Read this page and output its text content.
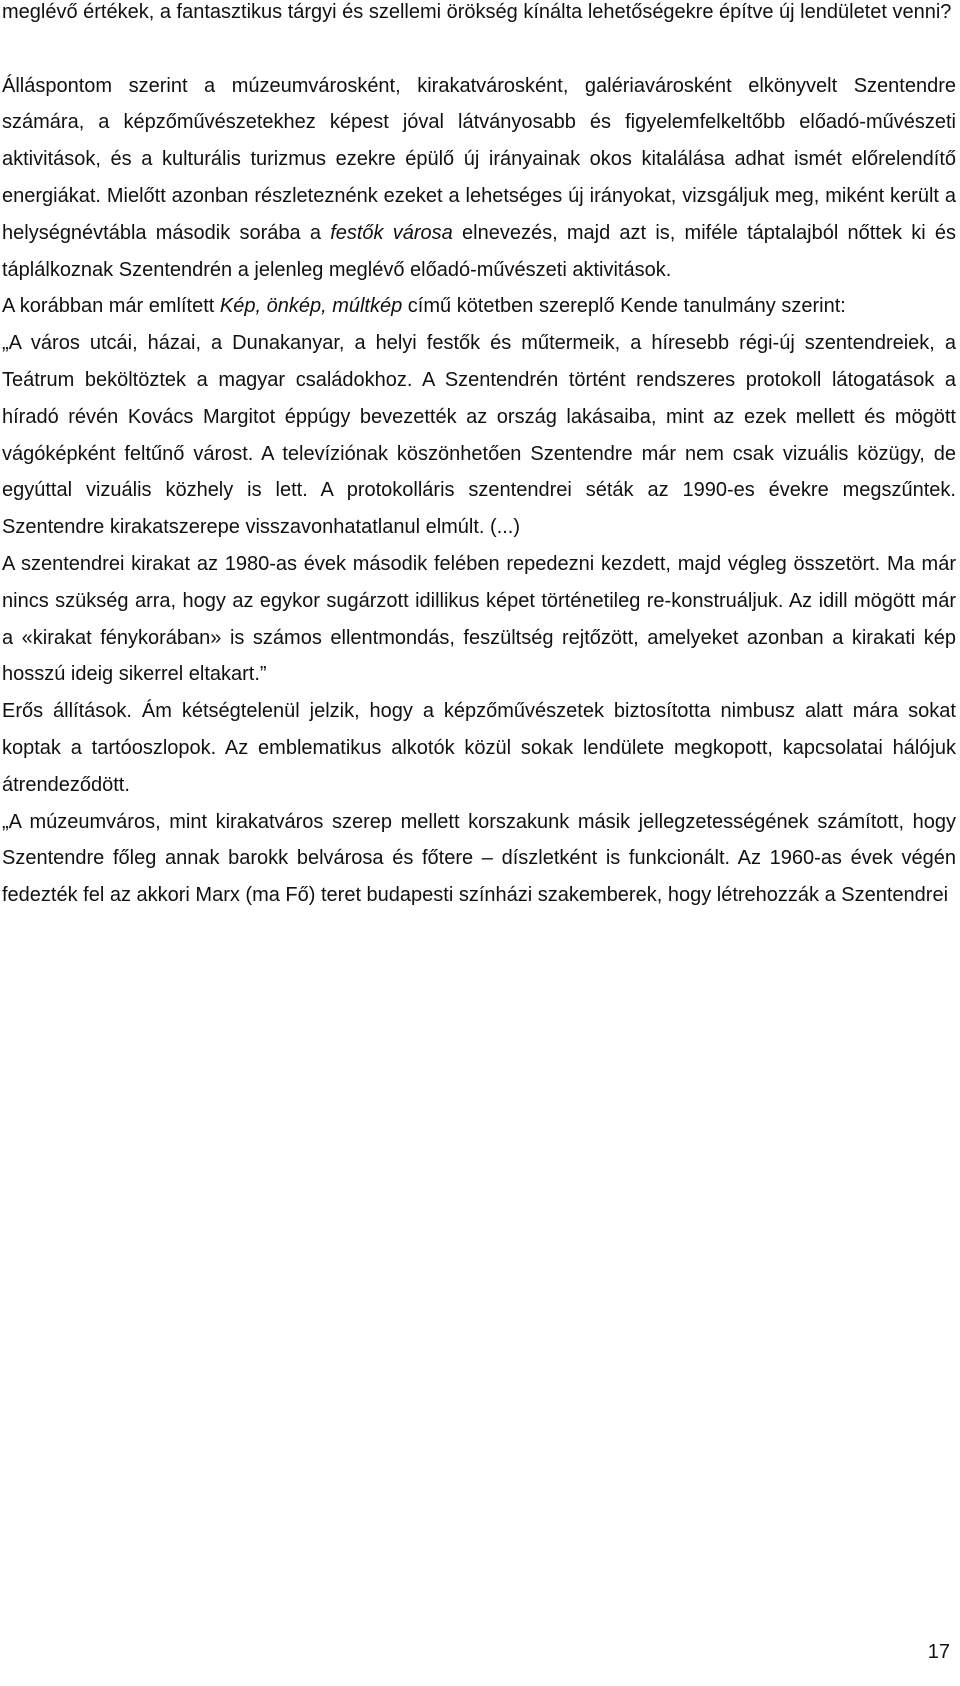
meglévő értékek, a fantasztikus tárgyi és szellemi örökség kínálta lehetőségekre építve új lendületet venni?

Álláspontom szerint a múzeumvárosként, kirakatvárosként, galériavárosként elkönyvelt Szentendre számára, a képzőművészetekhez képest jóval látványosabb és figyelemfelkeltőbb előadó-művészeti aktivitások, és a kulturális turizmus ezekre épülő új irányainak okos kitalálása adhat ismét előrelendítő energiákat. Mielőtt azonban részleteznénk ezeket a lehetséges új irányokat, vizsgáljuk meg, miként került a helységnévtábla második sorába a festők városa elnevezés, majd azt is, miféle táptalajból nőttek ki és táplálkoznak Szentendrén a jelenleg meglévő előadó-művészeti aktivitások.

A korábban már említett Kép, önkép, múltkép című kötetben szereplő Kende tanulmány szerint:

„A város utcái, házai, a Dunakanyar, a helyi festők és műtermeik, a híresebb régi-új szentendreiek, a Teátrum beköltöztek a magyar családokhoz. A Szentendrén történt rendszeres protokoll látogatások a híradó révén Kovács Margitot éppúgy bevezették az ország lakásaiba, mint az ezek mellett és mögött vágóképként feltűnő várost. A televíziónak köszönhetően Szentendre már nem csak vizuális közügy, de egyúttal vizuális közhely is lett. A protokolláris szentendrei séták az 1990-es évekre megszűntek. Szentendre kirakatszerepe visszavonhatatlanul elmúlt. (...)

A szentendrei kirakat az 1980-as évek második felében repedezni kezdett, majd végleg összetört. Ma már nincs szükség arra, hogy az egykor sugárzott idillikus képet történetileg re-konstruáljuk. Az idill mögött már a «kirakat fénykorában» is számos ellentmondás, feszültség rejtőzött, amelyeket azonban a kirakati kép hosszú ideig sikerrel eltakart.”

Erős állítások. Ám kétségtelenül jelzik, hogy a képzőművészetek biztosította nimbusz alatt mára sokat koptak a tartóoszlopok. Az emblematikus alkotók közül sokak lendülete megkopott, kapcsolatai hálójuk átrendeződött.

„A múzeumváros, mint kirakatváros szerep mellett korszakunk másik jellegzetességének számított, hogy Szentendre főleg annak barokk belvárosa és főtere – díszletként is funkcionált. Az 1960-as évek végén fedezték fel az akkori Marx (ma Fő) teret budapesti színházi szakemberek, hogy létrehozzák a Szentendrei

17
